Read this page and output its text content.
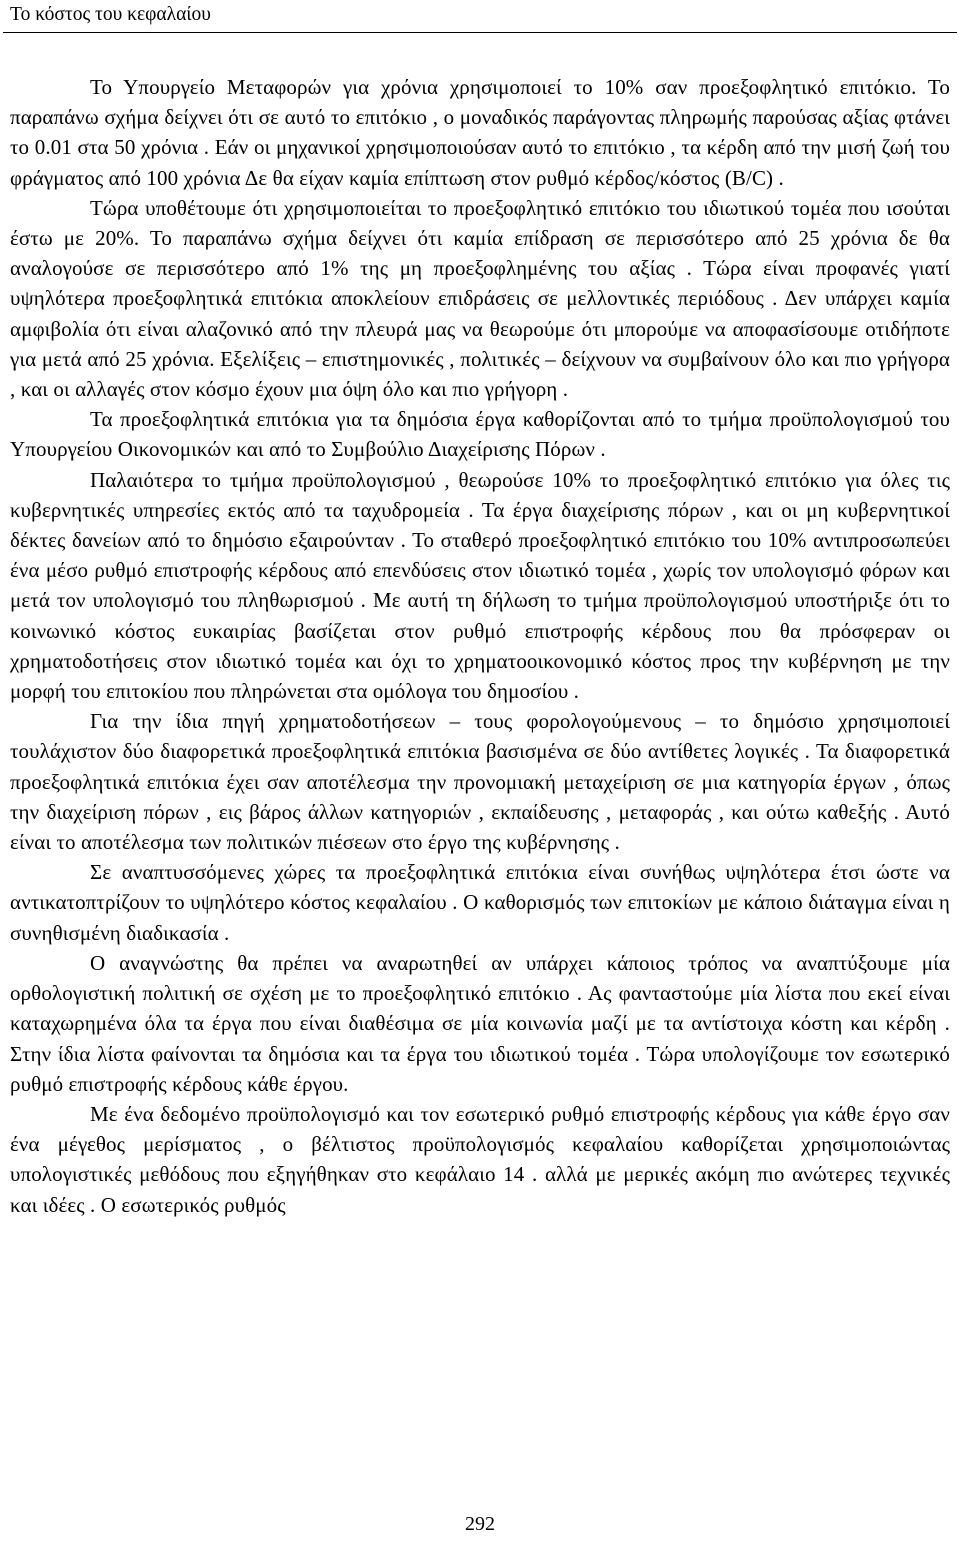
Το κόστος του κεφαλαίου

Το Υπουργείο Μεταφορών για χρόνια χρησιμοποιεί το 10% σαν προεξοφλητικό επιτόκιο. Το παραπάνω σχήμα δείχνει ότι σε αυτό το επιτόκιο , ο μοναδικός παράγοντας πληρωμής παρούσας αξίας φτάνει το 0.01 στα 50 χρόνια . Εάν οι μηχανικοί χρησιμοποιούσαν αυτό το επιτόκιο , τα κέρδη από την μισή ζωή του φράγματος από 100 χρόνια Δε θα είχαν καμία επίπτωση στον ρυθμό κέρδος/κόστος (B/C) .

Τώρα υποθέτουμε ότι χρησιμοποιείται το προεξοφλητικό επιτόκιο του ιδιωτικού τομέα που ισούται έστω με 20%. Το παραπάνω σχήμα δείχνει ότι καμία επίδραση σε περισσότερο από 25 χρόνια δε θα αναλογούσε σε περισσότερο από 1% της μη προεξοφλημένης του αξίας . Τώρα είναι προφανές γιατί υψηλότερα προεξοφλητικά επιτόκια αποκλείουν επιδράσεις σε μελλοντικές περιόδους . Δεν υπάρχει καμία αμφιβολία ότι είναι αλαζονικό από την πλευρά μας να θεωρούμε ότι μπορούμε να αποφασίσουμε οτιδήποτε για μετά από 25 χρόνια. Εξελίξεις – επιστημονικές , πολιτικές – δείχνουν να συμβαίνουν όλο και πιο γρήγορα , και οι αλλαγές στον κόσμο έχουν μια όψη όλο και πιο γρήγορη .

Τα προεξοφλητικά επιτόκια για τα δημόσια έργα καθορίζονται από το τμήμα προϋπολογισμού του Υπουργείου Οικονομικών και από το Συμβούλιο Διαχείρισης Πόρων .

Παλαιότερα το τμήμα προϋπολογισμού , θεωρούσε 10% το προεξοφλητικό επιτόκιο για όλες τις κυβερνητικές υπηρεσίες εκτός από τα ταχυδρομεία . Τα έργα διαχείρισης πόρων , και οι μη κυβερνητικοί δέκτες δανείων από το δημόσιο εξαιρούνταν . Το σταθερό προεξοφλητικό επιτόκιο του 10% αντιπροσωπεύει ένα μέσο ρυθμό επιστροφής κέρδους από επενδύσεις στον ιδιωτικό τομέα , χωρίς τον υπολογισμό φόρων και μετά τον υπολογισμό του πληθωρισμού . Με αυτή τη δήλωση το τμήμα προϋπολογισμού υποστήριξε ότι το κοινωνικό κόστος ευκαιρίας βασίζεται στον ρυθμό επιστροφής κέρδους που θα πρόσφεραν οι χρηματοδοτήσεις στον ιδιωτικό τομέα και όχι το χρηματοοικονομικό κόστος προς την κυβέρνηση με την μορφή του επιτοκίου που πληρώνεται στα ομόλογα του δημοσίου .

Για την ίδια πηγή χρηματοδοτήσεων – τους φορολογούμενους – το δημόσιο χρησιμοποιεί τουλάχιστον δύο διαφορετικά προεξοφλητικά επιτόκια βασισμένα σε δύο αντίθετες λογικές . Τα διαφορετικά προεξοφλητικά επιτόκια έχει σαν αποτέλεσμα την προνομιακή μεταχείριση σε μια κατηγορία έργων , όπως την διαχείριση πόρων , εις βάρος άλλων κατηγοριών , εκπαίδευσης , μεταφοράς , και ούτω καθεξής . Αυτό είναι το αποτέλεσμα των πολιτικών πιέσεων στο έργο της κυβέρνησης .

Σε αναπτυσσόμενες χώρες τα προεξοφλητικά επιτόκια είναι συνήθως υψηλότερα έτσι ώστε να αντικατοπτρίζουν το υψηλότερο κόστος κεφαλαίου . Ο καθορισμός των επιτοκίων με κάποιο διάταγμα είναι η συνηθισμένη διαδικασία .

Ο αναγνώστης θα πρέπει να αναρωτηθεί αν υπάρχει κάποιος τρόπος να αναπτύξουμε μία ορθολογιστική πολιτική σε σχέση με το προεξοφλητικό επιτόκιο . Ας φανταστούμε μία λίστα που εκεί είναι καταχωρημένα όλα τα έργα που είναι διαθέσιμα σε μία κοινωνία μαζί με τα αντίστοιχα κόστη και κέρδη . Στην ίδια λίστα φαίνονται τα δημόσια και τα έργα του ιδιωτικού τομέα . Τώρα υπολογίζουμε τον εσωτερικό ρυθμό επιστροφής κέρδους κάθε έργου.

Με ένα δεδομένο προϋπολογισμό και τον εσωτερικό ρυθμό επιστροφής κέρδους για κάθε έργο σαν ένα μέγεθος μερίσματος , ο βέλτιστος προϋπολογισμός κεφαλαίου καθορίζεται χρησιμοποιώντας υπολογιστικές μεθόδους που εξηγήθηκαν στο κεφάλαιο 14 . αλλά με μερικές ακόμη πιο ανώτερες τεχνικές και ιδέες . Ο εσωτερικός ρυθμός

292
